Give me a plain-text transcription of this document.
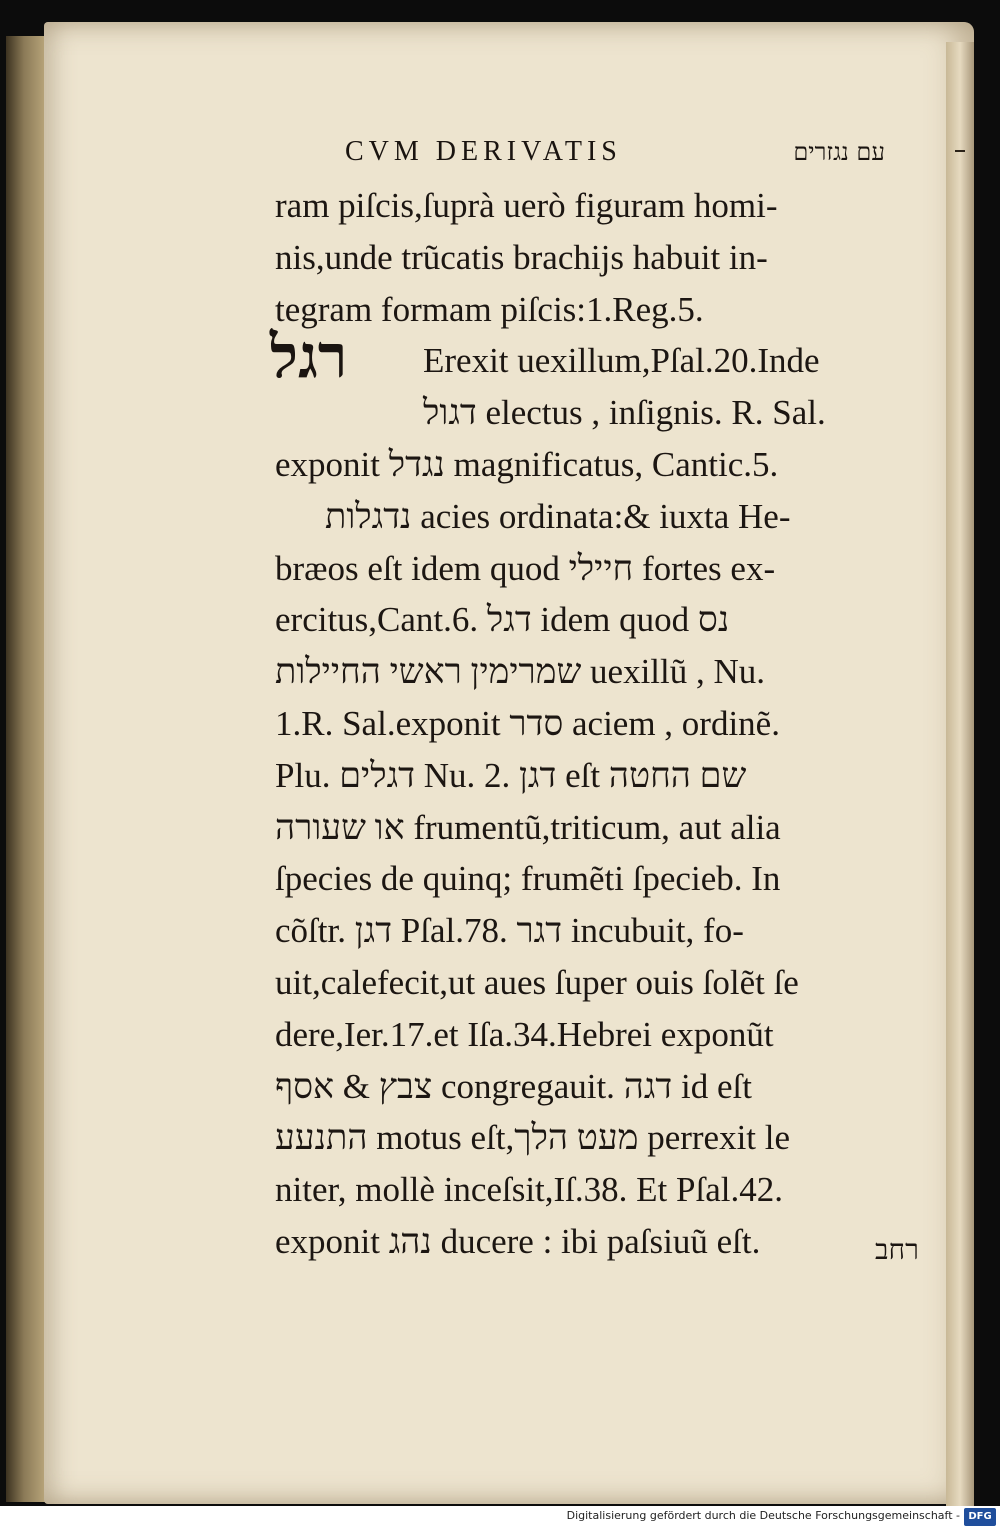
CVM DERIVATIS	עם נגזרים
רגל
ram piſcis,ſuprà uerò figuram homi-
nis,unde trũcatis brachijs habuit in-
tegram formam piſcis:1.Reg.5.
Erexit uexillum,Pſal.20.Inde
דגול electus , inſignis. R. Sal.
exponit נגדל magnificatus, Cantic.5.
נדגלות acies ordinata:& iuxta He-
bræos eſt idem quod חיילי fortes ex-
ercitus,Cant.6. דגל idem quod נס
שמרימין ראשי החיילות uexillũ , Nu.
1.R. Sal.exponit סדר aciem , ordinẽ.
Plu. דגלים Nu. 2. דגן eſt שם החטה
או שעורה frumentũ,triticum, aut alia
ſpecies de quinq; frumẽti ſpecieb. In
cõſtr. דגן Pſal.78. דגר incubuit, fo-
uit,calefecit,ut aues ſuper ouis ſolẽt ſe
dere,Ier.17.et Iſa.34.Hebrei exponũt
צבץ & אסף congregauit. דגה id eſt
התנעע motus eſt,מעט הלך perrexit le
niter, mollè inceſsit,Iſ.38. Et Pſal.42.
exponit נהג ducere : ibi paſsiuũ eſt.	רחב
Digitalisierung gefördert durch die Deutsche Forschungsgemeinschaft - DFG
